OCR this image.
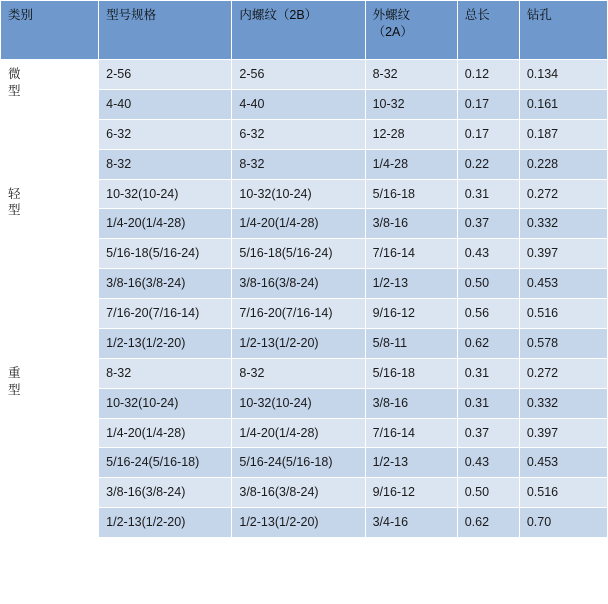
类别	型号规格	内螺纹（2B）	外螺纹
（2A）	总长	钻孔

微
型	2-56	2-56	8-32	0.12	0.134
	4-40	4-40	10-32	0.17	0.161
	6-32	6-32	12-28	0.17	0.187
	8-32	8-32	1/4-28	0.22	0.228

轻
型	10-32(10-24)	10-32(10-24)	5/16-18	0.31	0.272
	1/4-20(1/4-28)	1/4-20(1/4-28)	3/8-16	0.37	0.332
	5/16-18(5/16-24)	5/16-18(5/16-24)	7/16-14	0.43	0.397
	3/8-16(3/8-24)	3/8-16(3/8-24)	1/2-13	0.50	0.453
	7/16-20(7/16-14)	7/16-20(7/16-14)	9/16-12	0.56	0.516
	1/2-13(1/2-20)	1/2-13(1/2-20)	5/8-11	0.62	0.578

重
型	8-32	8-32	5/16-18	0.31	0.272
	10-32(10-24)	10-32(10-24)	3/8-16	0.31	0.332
	1/4-20(1/4-28)	1/4-20(1/4-28)	7/16-14	0.37	0.397
	5/16-24(5/16-18)	5/16-24(5/16-18)	1/2-13	0.43	0.453
	3/8-16(3/8-24)	3/8-16(3/8-24)	9/16-12	0.50	0.516
	1/2-13(1/2-20)	1/2-13(1/2-20)	3/4-16	0.62	0.70
